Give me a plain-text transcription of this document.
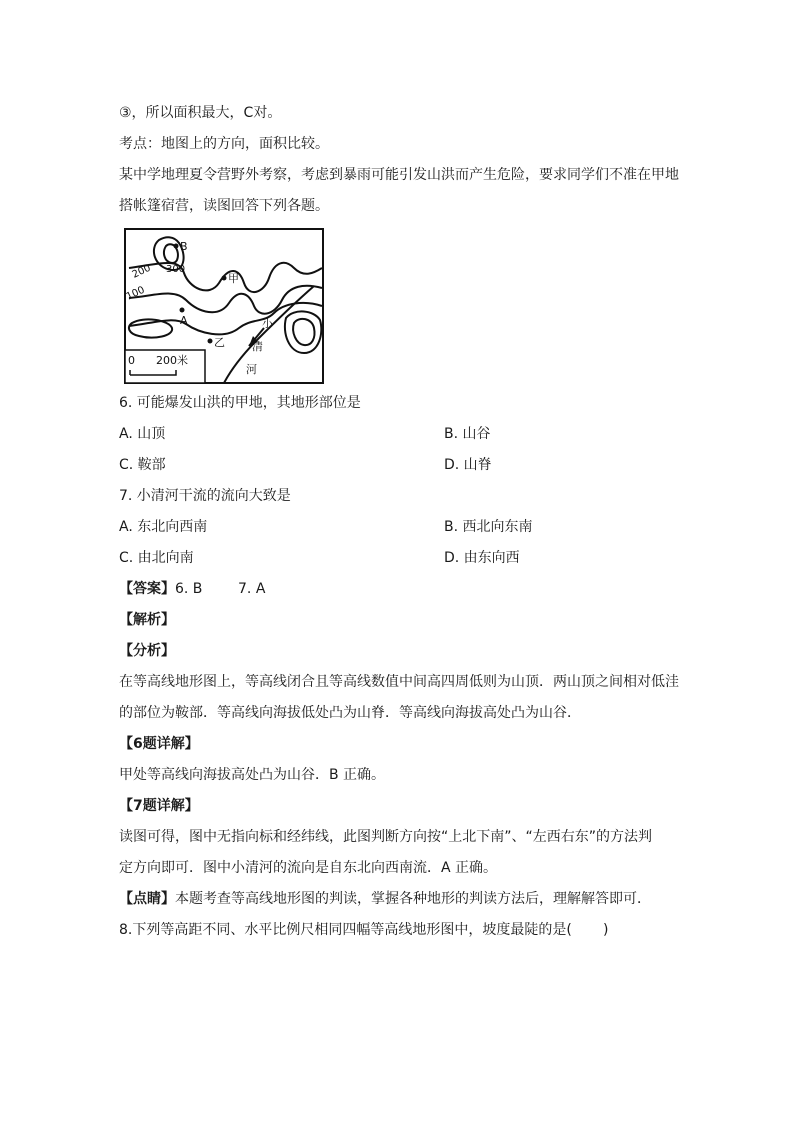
③，所以面积最大，C对。
考点：地图上的方向，面积比较。
某中学地理夏令营野外考察，考虑到暴雨可能引发山洪而产生危险，要求同学们不准在甲地
搭帐篷宿营，读图回答下列各题。
B
300
200
100
甲
A
乙
小
清
河
0 200米
6. 可能爆发山洪的甲地，其地形部位是
A. 山顶	B. 山谷
C. 鞍部	D. 山脊
7. 小清河干流的流向大致是
A. 东北向西南	B. 西北向东南
C. 由北向南	D. 由东向西
【答案】6. B        7. A
【解析】
【分析】
在等高线地形图上，等高线闭合且等高线数值中间高四周低则为山顶．两山顶之间相对低洼
的部位为鞍部．等高线向海拔低处凸为山脊．等高线向海拔高处凸为山谷．
【6题详解】
甲处等高线向海拔高处凸为山谷．B 正确。
【7题详解】
读图可得，图中无指向标和经纬线，此图判断方向按“上北下南”、“左西右东”的方法判
定方向即可．图中小清河的流向是自东北向西南流．A 正确。
【点睛】本题考查等高线地形图的判读，掌握各种地形的判读方法后，理解解答即可．
8.下列等高距不同、水平比例尺相同四幅等高线地形图中，坡度最陡的是(       )
